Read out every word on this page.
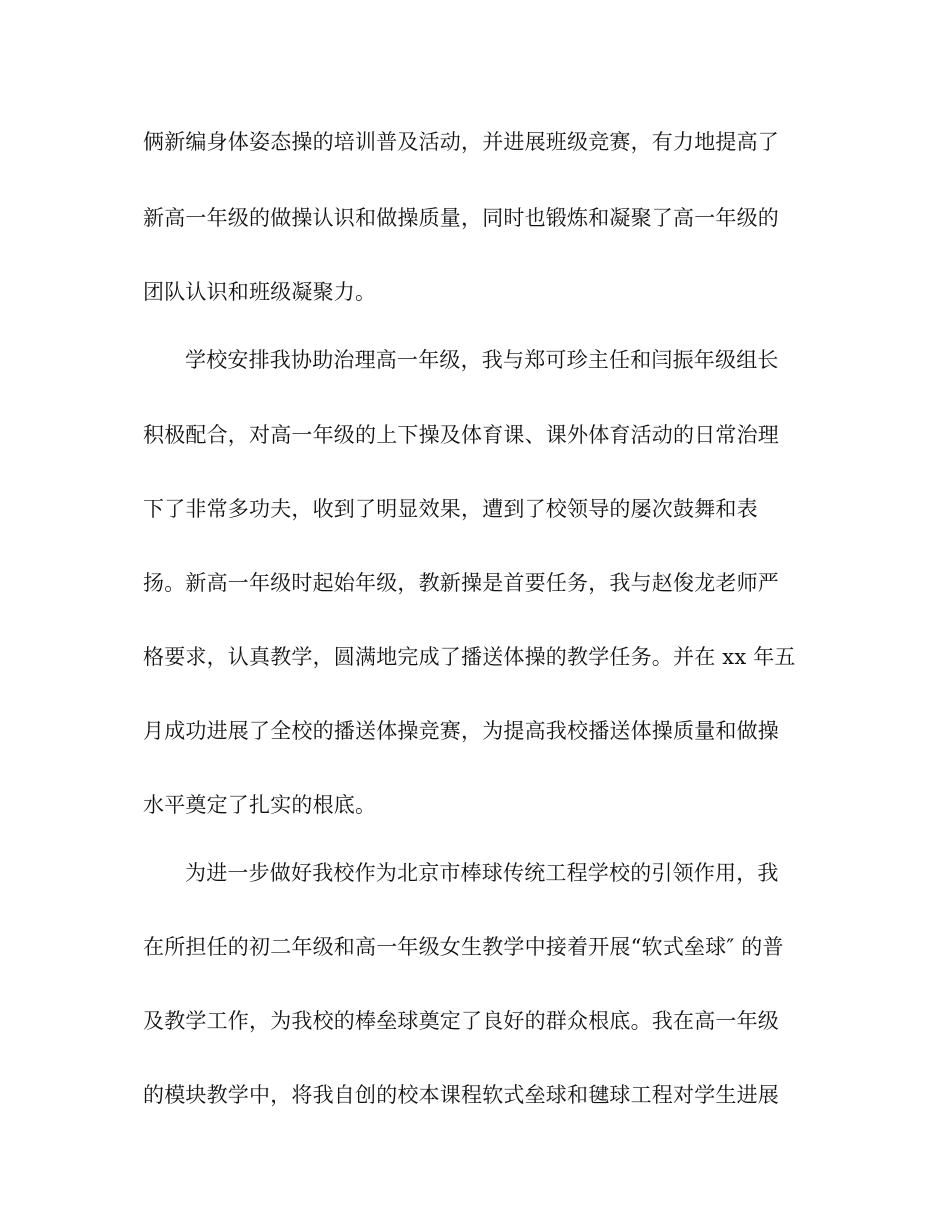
俩新编身体姿态操的培训普及活动，并进展班级竞赛，有力地提高了
新高一年级的做操认识和做操质量，同时也锻炼和凝聚了高一年级的
团队认识和班级凝聚力。
学校安排我协助治理高一年级，我与郑可珍主任和闫振年级组长
积极配合，对高一年级的上下操及体育课、课外体育活动的日常治理
下了非常多功夫，收到了明显效果，遭到了校领导的屡次鼓舞和表
扬。新高一年级时起始年级，教新操是首要任务，我与赵俊龙老师严
格要求，认真教学，圆满地完成了播送体操的教学任务。并在 xx 年五
月成功进展了全校的播送体操竞赛，为提高我校播送体操质量和做操
水平奠定了扎实的根底。
为进一步做好我校作为北京市棒球传统工程学校的引领作用，我
在所担任的初二年级和高一年级女生教学中接着开展“软式垒球″ 的普
及教学工作，为我校的棒垒球奠定了良好的群众根底。我在高一年级
的模块教学中，将我自创的校本课程软式垒球和毽球工程对学生进展
